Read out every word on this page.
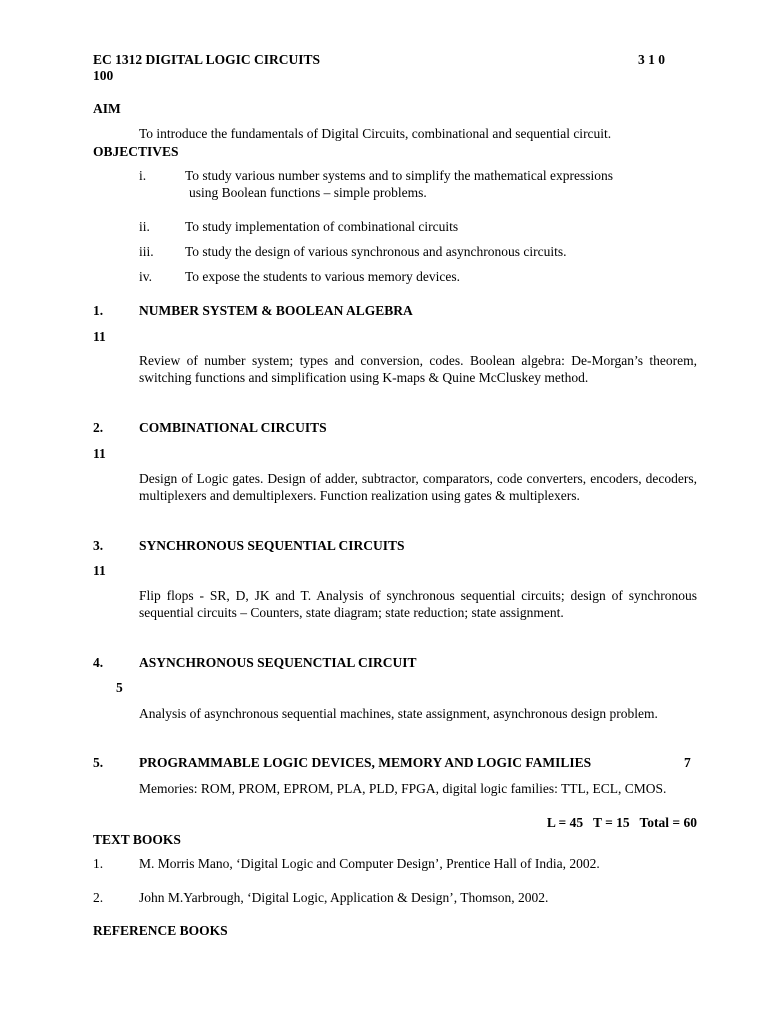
EC 1312 DIGITAL LOGIC CIRCUITS	3 1 0
100
AIM
To introduce the fundamentals of Digital Circuits, combinational and sequential circuit.
OBJECTIVES
i.	To study various number systems and to simplify the mathematical expressions
using Boolean functions – simple problems.
ii.	To study implementation of combinational circuits
iii. To study the design of various synchronous and asynchronous circuits.
iv. To expose the students to various memory devices.
1.	NUMBER SYSTEM & BOOLEAN ALGEBRA
11
Review of number system; types and conversion, codes. Boolean algebra: De-Morgan’s theorem, switching functions and simplification using K-maps & Quine McCluskey method.
2.	COMBINATIONAL CIRCUITS
11
Design of Logic gates. Design of adder, subtractor, comparators, code converters, encoders, decoders, multiplexers and demultiplexers. Function realization using gates & multiplexers.
3.	SYNCHRONOUS SEQUENTIAL CIRCUITS
11
Flip flops - SR, D, JK and T. Analysis of synchronous sequential circuits; design of synchronous sequential circuits – Counters, state diagram; state reduction; state assignment.
4.	ASYNCHRONOUS SEQUENCTIAL CIRCUIT
5
Analysis of asynchronous sequential machines, state assignment, asynchronous design problem.
5.	PROGRAMMABLE LOGIC DEVICES, MEMORY AND LOGIC FAMILIES	7
Memories: ROM, PROM, EPROM, PLA, PLD, FPGA, digital logic families: TTL, ECL, CMOS.
L = 45   T = 15   Total = 60
TEXT BOOKS
1.	M. Morris Mano, ‘Digital Logic and Computer Design’, Prentice Hall of India, 2002.
2.	John M.Yarbrough, ‘Digital Logic, Application & Design’, Thomson, 2002.
REFERENCE BOOKS
